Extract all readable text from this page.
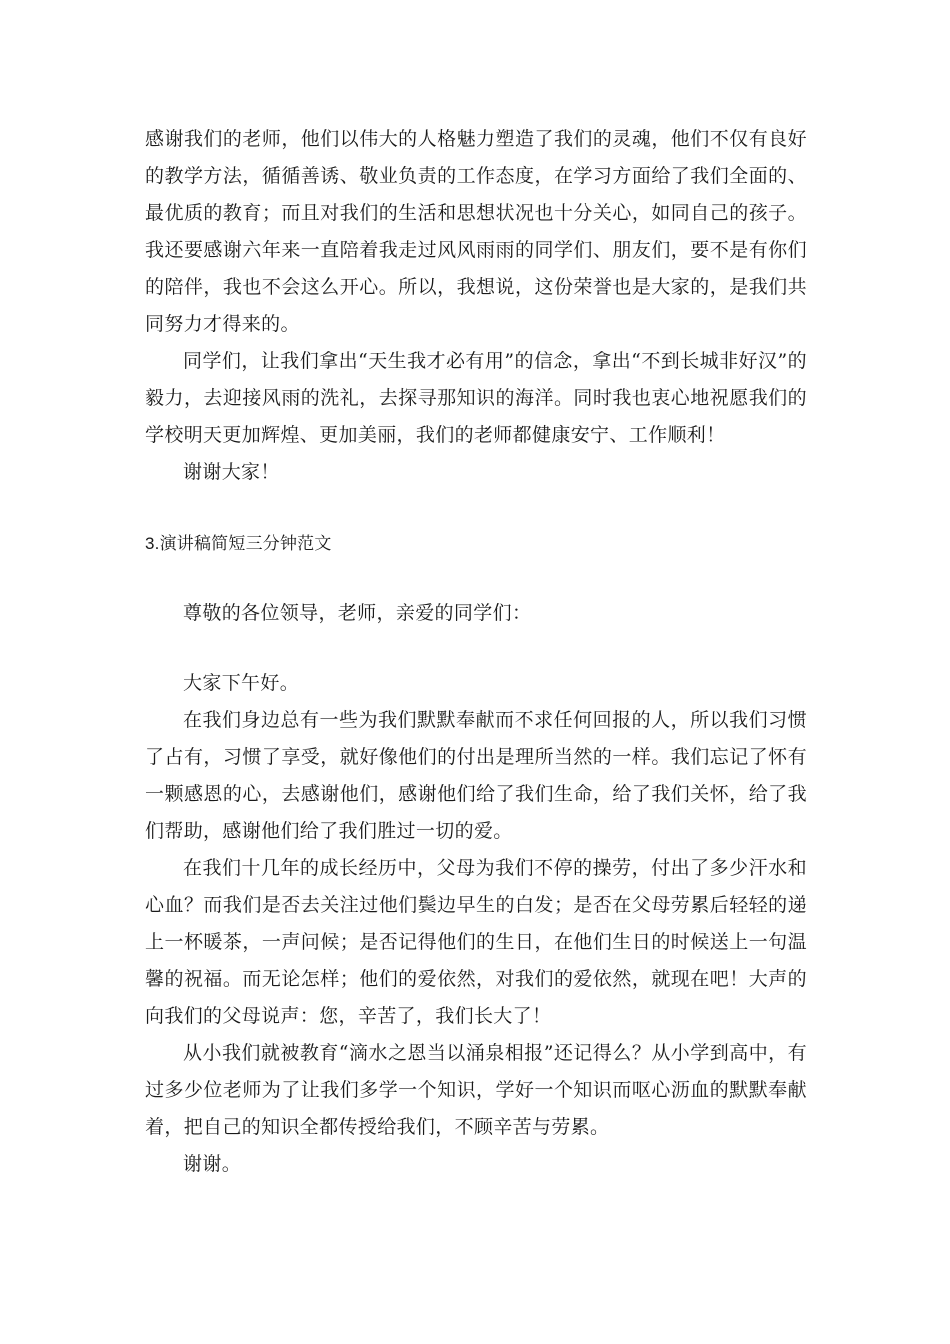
感谢我们的老师，他们以伟大的人格魅力塑造了我们的灵魂，他们不仅有良好的教学方法，循循善诱、敬业负责的工作态度，在学习方面给了我们全面的、最优质的教育；而且对我们的生活和思想状况也十分关心，如同自己的孩子。我还要感谢六年来一直陪着我走过风风雨雨的同学们、朋友们，要不是有你们的陪伴，我也不会这么开心。所以，我想说，这份荣誉也是大家的，是我们共同努力才得来的。

同学们，让我们拿出“天生我才必有用”的信念，拿出“不到长城非好汉”的毅力，去迎接风雨的洗礼，去探寻那知识的海洋。同时我也衷心地祝愿我们的学校明天更加辉煌、更加美丽，我们的老师都健康安宁、工作顺利！

谢谢大家！

3.演讲稿简短三分钟范文

尊敬的各位领导，老师，亲爱的同学们：

大家下午好。

在我们身边总有一些为我们默默奉献而不求任何回报的人，所以我们习惯了占有，习惯了享受，就好像他们的付出是理所当然的一样。我们忘记了怀有一颗感恩的心，去感谢他们，感谢他们给了我们生命，给了我们关怀，给了我们帮助，感谢他们给了我们胜过一切的爱。

在我们十几年的成长经历中，父母为我们不停的操劳，付出了多少汗水和心血？而我们是否去关注过他们鬓边早生的白发；是否在父母劳累后轻轻的递上一杯暖茶，一声问候；是否记得他们的生日，在他们生日的时候送上一句温馨的祝福。而无论怎样；他们的爱依然，对我们的爱依然，就现在吧！大声的向我们的父母说声：您，辛苦了，我们长大了！

从小我们就被教育“滴水之恩当以涌泉相报”还记得么？从小学到高中，有过多少位老师为了让我们多学一个知识，学好一个知识而呕心沥血的默默奉献着，把自己的知识全都传授给我们，不顾辛苦与劳累。

谢谢。
